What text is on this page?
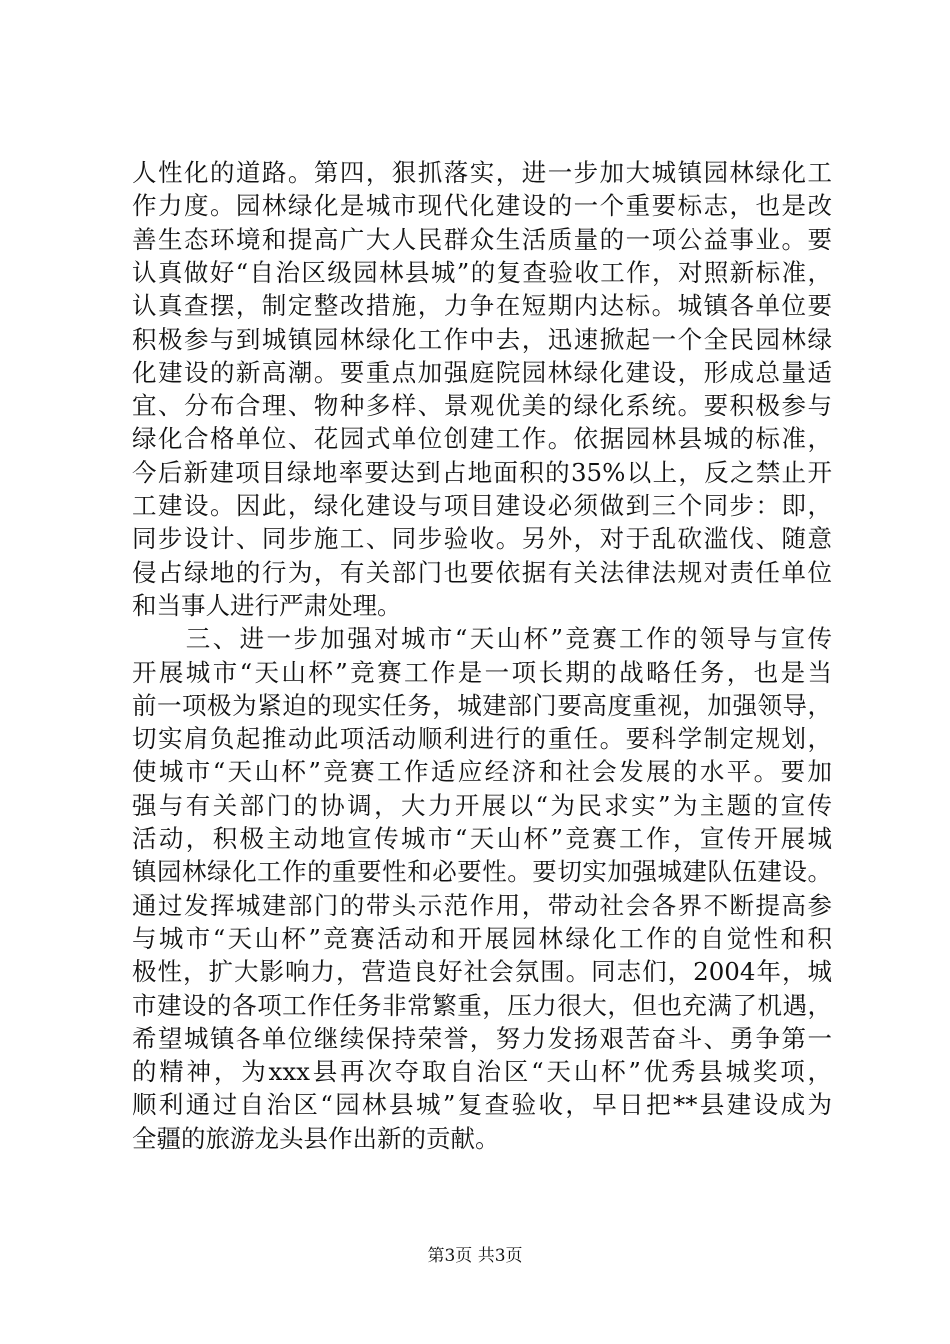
人性化的道路。第四，狠抓落实，进一步加大城镇园林绿化工
作力度。园林绿化是城市现代化建设的一个重要标志，也是改
善生态环境和提高广大人民群众生活质量的一项公益事业。要
认真做好“自治区级园林县城”的复查验收工作，对照新标准，
认真查摆，制定整改措施，力争在短期内达标。城镇各单位要
积极参与到城镇园林绿化工作中去，迅速掀起一个全民园林绿
化建设的新高潮。要重点加强庭院园林绿化建设，形成总量适
宜、分布合理、物种多样、景观优美的绿化系统。要积极参与
绿化合格单位、花园式单位创建工作。依据园林县城的标准，
今后新建项目绿地率要达到占地面积的35%以上，反之禁止开
工建设。因此，绿化建设与项目建设必须做到三个同步：即，
同步设计、同步施工、同步验收。另外，对于乱砍滥伐、随意
侵占绿地的行为，有关部门也要依据有关法律法规对责任单位
和当事人进行严肃处理。
　　三、进一步加强对城市“天山杯”竞赛工作的领导与宣传
开展城市“天山杯”竞赛工作是一项长期的战略任务，也是当
前一项极为紧迫的现实任务，城建部门要高度重视，加强领导，
切实肩负起推动此项活动顺利进行的重任。要科学制定规划，
使城市“天山杯”竞赛工作适应经济和社会发展的水平。要加
强与有关部门的协调，大力开展以“为民求实”为主题的宣传
活动，积极主动地宣传城市“天山杯”竞赛工作，宣传开展城
镇园林绿化工作的重要性和必要性。要切实加强城建队伍建设。
通过发挥城建部门的带头示范作用，带动社会各界不断提高参
与城市“天山杯”竞赛活动和开展园林绿化工作的自觉性和积
极性，扩大影响力，营造良好社会氛围。同志们，2004年，城
市建设的各项工作任务非常繁重，压力很大，但也充满了机遇，
希望城镇各单位继续保持荣誉，努力发扬艰苦奋斗、勇争第一
的精神，为xxx县再次夺取自治区“天山杯”优秀县城奖项，
顺利通过自治区“园林县城”复查验收，早日把**县建设成为
全疆的旅游龙头县作出新的贡献。
第3页 共3页
